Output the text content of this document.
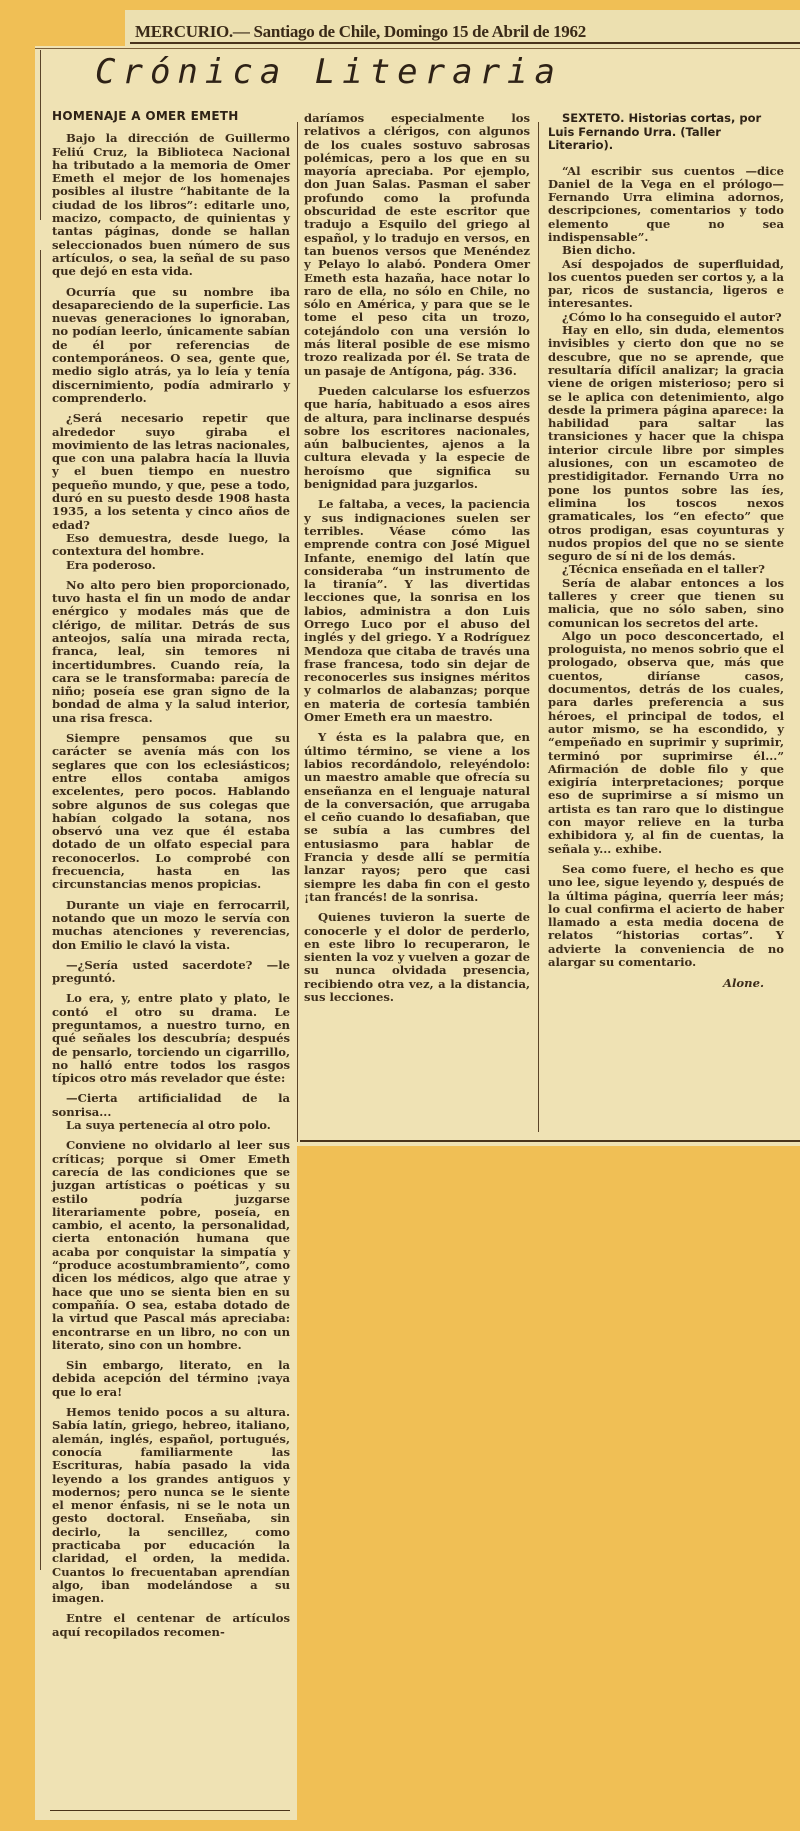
MERCURIO.— Santiago de Chile, Domingo 15 de Abril de 1962
Crónica Literaria
HOMENAJE A OMER EMETH

Bajo la dirección de Guillermo Feliú Cruz, la Biblioteca Nacional ha tributado a la memoria de Omer Emeth el mejor de los homenajes posibles al ilustre “habitante de la ciudad de los libros”: editarle uno, macizo, compacto, de quinientas y tantas páginas, donde se hallan seleccionados buen número de sus artículos, o sea, la señal de su paso que dejó en esta vida.

Ocurría que su nombre iba desapareciendo de la superficie. Las nuevas generaciones lo ignoraban, no podían leerlo, únicamente sabían de él por referencias de contemporáneos. O sea, gente que, medio siglo atrás, ya lo leía y tenía discernimiento, podía admirarlo y comprenderlo.

¿Será necesario repetir que alrededor suyo giraba el movimiento de las letras nacionales, que con una palabra hacía la lluvia y el buen tiempo en nuestro pequeño mundo, y que, pese a todo, duró en su puesto desde 1908 hasta 1935, a los setenta y cinco años de edad?

Eso demuestra, desde luego, la contextura del hombre.

Era poderoso.

No alto pero bien proporcionado, tuvo hasta el fin un modo de andar enérgico y modales más que de clérigo, de militar. Detrás de sus anteojos, salía una mirada recta, franca, leal, sin temores ni incertidumbres. Cuando reía, la cara se le transformaba: parecía de niño; poseía ese gran signo de la bondad de alma y la salud interior, una risa fresca.

Siempre pensamos que su carácter se avenía más con los seglares que con los eclesiásticos; entre ellos contaba amigos excelentes, pero pocos. Hablando sobre algunos de sus colegas que habían colgado la sotana, nos observó una vez que él estaba dotado de un olfato especial para reconocerlos. Lo comprobé con frecuencia, hasta en las circunstancias menos propicias.

Durante un viaje en ferrocarril, notando que un mozo le servía con muchas atenciones y reverencias, don Emilio le clavó la vista.

—¿Sería usted sacerdote? —le preguntó.

Lo era, y, entre plato y plato, le contó el otro su drama. Le preguntamos, a nuestro turno, en qué señales los descubría; después de pensarlo, torciendo un cigarrillo, no halló entre todos los rasgos típicos otro más revelador que éste:

—Cierta artificialidad de la sonrisa...

La suya pertenecía al otro polo.

Conviene no olvidarlo al leer sus críticas; porque si Omer Emeth carecía de las condiciones que se juzgan artísticas o poéticas y su estilo podría juzgarse literariamente pobre, poseía, en cambio, el acento, la personalidad, cierta entonación humana que acaba por conquistar la simpatía y “produce acostumbramiento”, como dicen los médicos, algo que atrae y hace que uno se sienta bien en su compañía. O sea, estaba dotado de la virtud que Pascal más apreciaba: encontrarse en un libro, no con un literato, sino con un hombre.

Sin embargo, literato, en la debida acepción del término ¡vaya que lo era!

Hemos tenido pocos a su altura. Sabía latín, griego, hebreo, italiano, alemán, inglés, español, portugués, conocía familiarmente las Escrituras, había pasado la vida leyendo a los grandes antiguos y modernos; pero nunca se le siente el menor énfasis, ni se le nota un gesto doctoral. Enseñaba, sin decirlo, la sencillez, como practicaba por educación la claridad, el orden, la medida. Cuantos lo frecuentaban aprendían algo, iban modelándose a su imagen.

Entre el centenar de artículos aquí recopilados recomen-

daríamos especialmente los relativos a clérigos, con algunos de los cuales sostuvo sabrosas polémicas, pero a los que en su mayoría apreciaba. Por ejemplo, don Juan Salas. Pasman el saber profundo como la profunda obscuridad de este escritor que tradujo a Esquilo del griego al español, y lo tradujo en versos, en tan buenos versos que Menéndez y Pelayo lo alabó. Pondera Omer Emeth esta hazaña, hace notar lo raro de ella, no sólo en Chile, no sólo en América, y para que se le tome el peso cita un trozo, cotejándolo con una versión lo más literal posible de ese mismo trozo realizada por él. Se trata de un pasaje de Antígona, pág. 336.

Pueden calcularse los esfuerzos que haría, habituado a esos aires de altura, para inclinarse después sobre los escritores nacionales, aún balbucientes, ajenos a la cultura elevada y la especie de heroísmo que significa su benignidad para juzgarlos.

Le faltaba, a veces, la paciencia y sus indignaciones suelen ser terribles. Véase cómo las emprende contra con José Miguel Infante, enemigo del latín que consideraba “un instrumento de la tiranía”. Y las divertidas lecciones que, la sonrisa en los labios, administra a don Luis Orrego Luco por el abuso del inglés y del griego. Y a Rodríguez Mendoza que citaba de través una frase francesa, todo sin dejar de reconocerles sus insignes méritos y colmarlos de alabanzas; porque en materia de cortesía también Omer Emeth era un maestro.

Y ésta es la palabra que, en último término, se viene a los labios recordándolo, releyéndolo: un maestro amable que ofrecía su enseñanza en el lenguaje natural de la conversación, que arrugaba el ceño cuando lo desafiaban, que se subía a las cumbres del entusiasmo para hablar de Francia y desde allí se permitía lanzar rayos; pero que casi siempre les daba fin con el gesto ¡tan francés! de la sonrisa.

Quienes tuvieron la suerte de conocerle y el dolor de perderlo, en este libro lo recuperaron, le sienten la voz y vuelven a gozar de su nunca olvidada presencia, recibiendo otra vez, a la distancia, sus lecciones.

SEXTETO. Historias cortas, por Luis Fernando Urra. (Taller Literario).

“Al escribir sus cuentos —dice Daniel de la Vega en el prólogo— Fernando Urra elimina adornos, descripciones, comentarios y todo elemento que no sea indispensable”.

Bien dicho.

Así despojados de superfluidad, los cuentos pueden ser cortos y, a la par, ricos de sustancia, ligeros e interesantes.

¿Cómo lo ha conseguido el autor?

Hay en ello, sin duda, elementos invisibles y cierto don que no se descubre, que no se aprende, que resultaría difícil analizar; la gracia viene de origen misterioso; pero si se le aplica con detenimiento, algo desde la primera página aparece: la habilidad para saltar las transiciones y hacer que la chispa interior circule libre por simples alusiones, con un escamoteo de prestidigitador. Fernando Urra no pone los puntos sobre las íes, elimina los toscos nexos gramaticales, los “en efecto” que otros prodigan, esas coyunturas y nudos propios del que no se siente seguro de sí ni de los demás.

¿Técnica enseñada en el taller?

Sería de alabar entonces a los talleres y creer que tienen su malicia, que no sólo saben, sino comunican los secretos del arte.

Algo un poco desconcertado, el prologuista, no menos sobrio que el prologado, observa que, más que cuentos, diríanse casos, documentos, detrás de los cuales, para darles preferencia a sus héroes, el principal de todos, el autor mismo, se ha escondido, y “empeñado en suprimir y suprimir, terminó por suprimirse él...” Afirmación de doble filo y que exigiría interpretaciones; porque eso de suprimirse a sí mismo un artista es tan raro que lo distingue con mayor relieve en la turba exhibidora y, al fin de cuentas, la señala y... exhibe.

Sea como fuere, el hecho es que uno lee, sigue leyendo y, después de la última página, querría leer más; lo cual confirma el acierto de haber llamado a esta media docena de relatos “historias cortas”. Y advierte la conveniencia de no alargar su comentario.

Alone.
